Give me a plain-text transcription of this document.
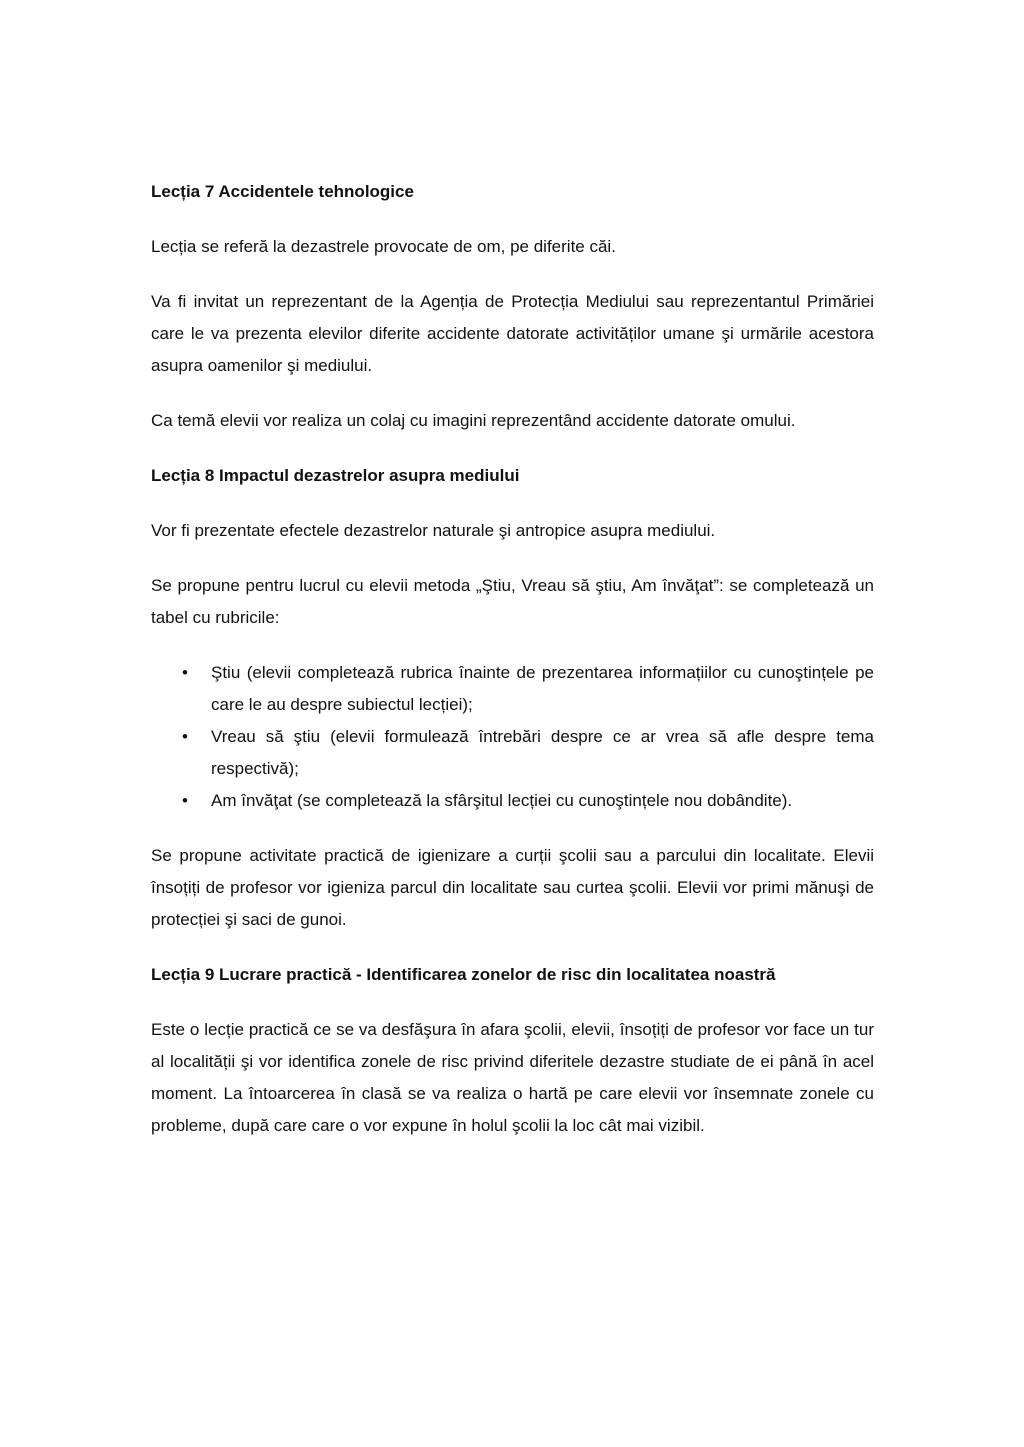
Lecția 7 Accidentele tehnologice

Lecția se referă la dezastrele provocate de om, pe diferite căi.

Va fi invitat un reprezentant de la Agenția de Protecția Mediului sau reprezentantul Primăriei care le va prezenta elevilor diferite accidente datorate activităților umane şi urmările acestora asupra oamenilor şi mediului.

Ca temă elevii vor realiza un colaj cu imagini reprezentând accidente datorate omului.

Lecția 8 Impactul dezastrelor asupra mediului

Vor fi prezentate efectele dezastrelor naturale şi antropice asupra mediului.

Se propune pentru lucrul cu elevii metoda „Ştiu, Vreau să ştiu, Am învăţat”: se completează un tabel cu rubricile:

• Ştiu (elevii completează rubrica înainte de prezentarea informațiilor cu cunoştințele pe care le au despre subiectul lecției);
• Vreau să ştiu (elevii formulează întrebări despre ce ar vrea să afle despre tema respectivă);
• Am învăţat (se completează la sfârşitul lecției cu cunoştințele nou dobândite).

Se propune activitate practică de igienizare a curții şcolii sau a parcului din localitate. Elevii însoțiți de profesor vor igieniza parcul din localitate sau curtea şcolii. Elevii vor primi mănuşi de protecției şi saci de gunoi.

Lecția 9 Lucrare practică - Identificarea zonelor de risc din localitatea noastră

Este o lecție practică ce se va desfăşura în afara şcolii, elevii, însoțiți de profesor vor face un tur al localității şi vor identifica zonele de risc privind diferitele dezastre studiate de ei până în acel moment. La întoarcerea în clasă se va realiza o hartă pe care elevii vor însemnate zonele cu probleme, după care care o vor expune în holul şcolii la loc cât mai vizibil.
